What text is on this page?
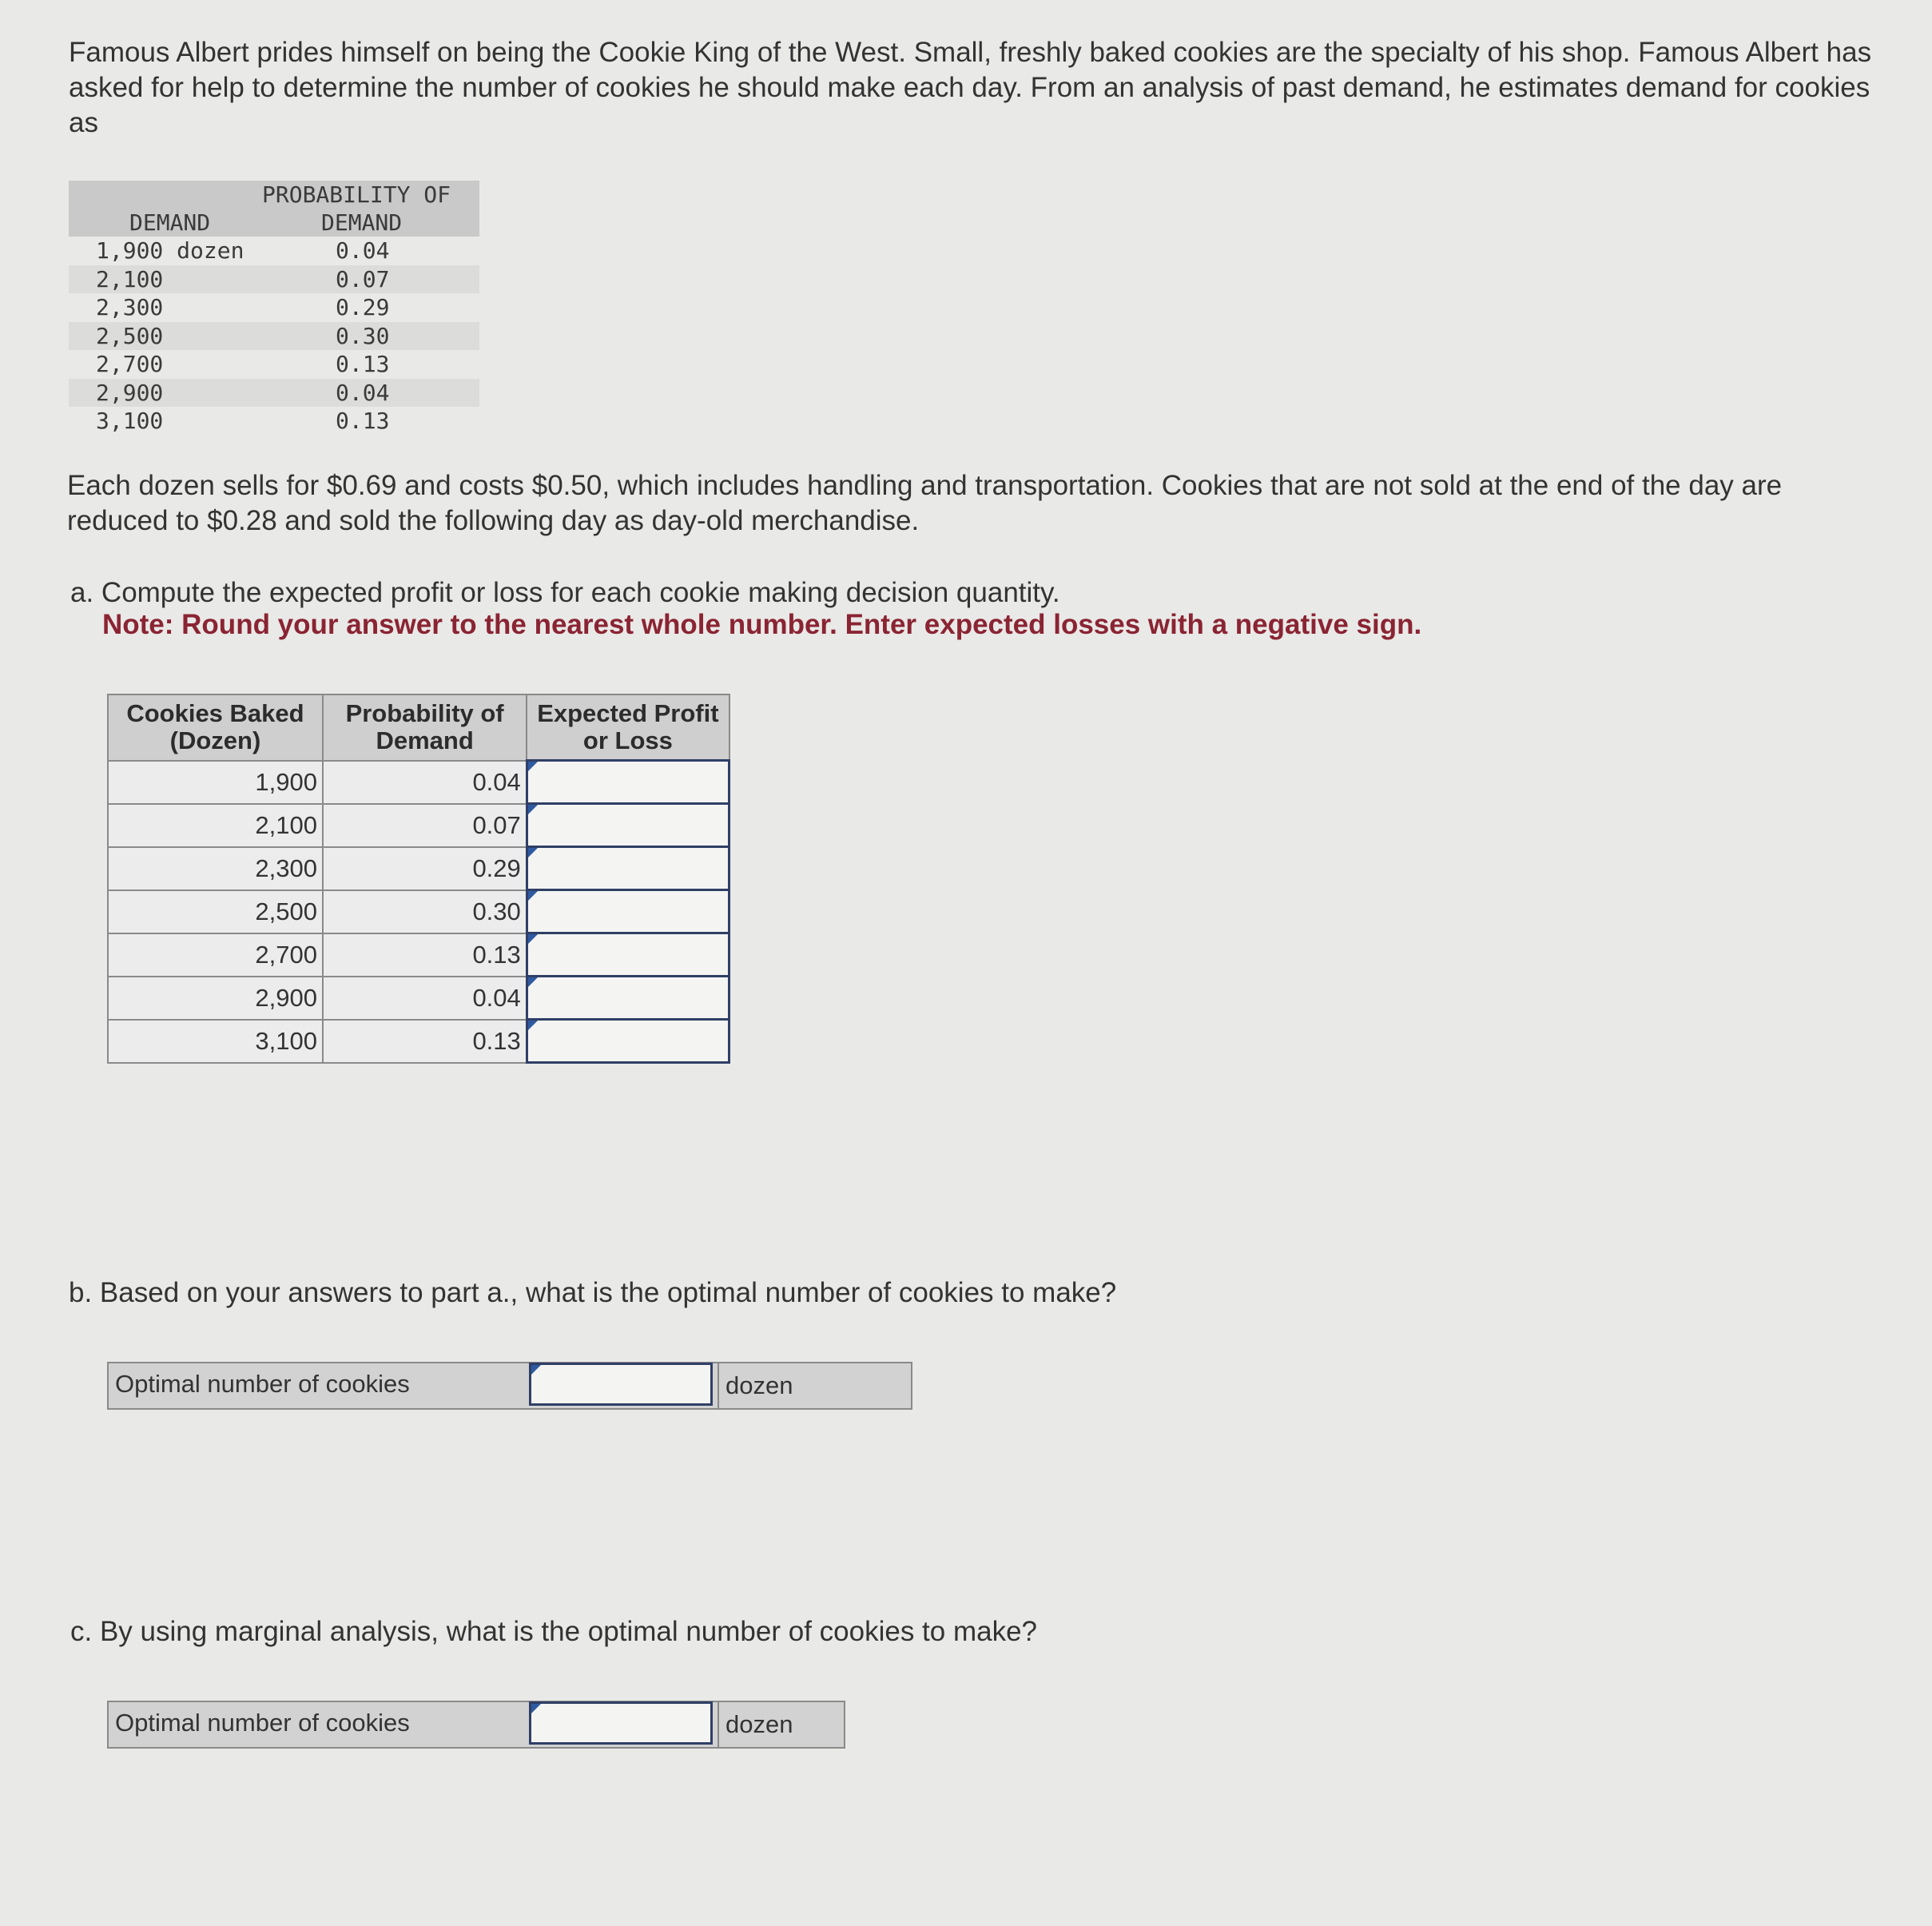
Famous Albert prides himself on being the Cookie King of the West. Small, freshly baked cookies are the specialty of his shop. Famous Albert has asked for help to determine the number of cookies he should make each day. From an analysis of past demand, he estimates demand for cookies as
PROBABILITY OF
DEMAND	DEMAND
1,900 dozen	0.04
2,100	0.07
2,300	0.29
2,500	0.30
2,700	0.13
2,900	0.04
3,100	0.13
Each dozen sells for $0.69 and costs $0.50, which includes handling and transportation. Cookies that are not sold at the end of the day are reduced to $0.28 and sold the following day as day-old merchandise.
a. Compute the expected profit or loss for each cookie making decision quantity.
Note: Round your answer to the nearest whole number. Enter expected losses with a negative sign.
Cookies Baked (Dozen)	Probability of Demand	Expected Profit or Loss
1,900	0.04	

2,100	0.07	

2,300	0.29	

2,500	0.30	

2,700	0.13	

2,900	0.04	

3,100	0.13	
b. Based on your answers to part a., what is the optimal number of cookies to make?
Optimal number of cookies	dozen
c. By using marginal analysis, what is the optimal number of cookies to make?
Optimal number of cookies	dozen
